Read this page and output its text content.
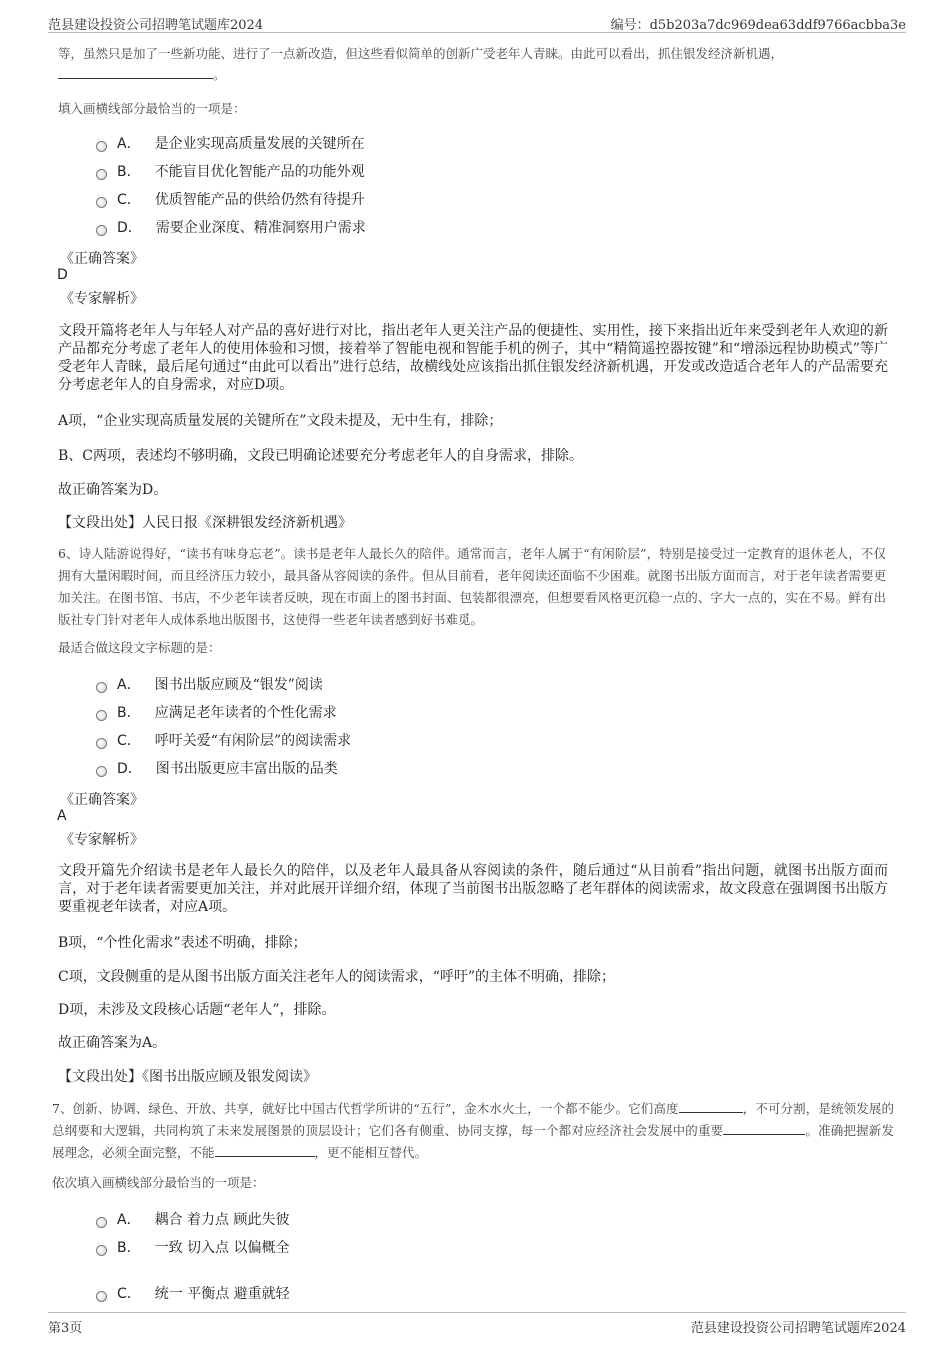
范县建设投资公司招聘笔试题库2024	编号：d5b203a7dc969dea63ddf9766acbba3e
等，虽然只是加了一些新功能、进行了一点新改造，但这些看似简单的创新广受老年人青睐。由此可以看出，抓住银发经济新机遇，
。
填入画横线部分最恰当的一项是：
A． 是企业实现高质量发展的关键所在
B． 不能盲目优化智能产品的功能外观
C． 优质智能产品的供给仍然有待提升
D． 需要企业深度、精准洞察用户需求
《正确答案》
D
《专家解析》
文段开篇将老年人与年轻人对产品的喜好进行对比，指出老年人更关注产品的便捷性、实用性，接下来指出近年来受到老年人欢迎的新产品都充分考虑了老年人的使用体验和习惯，接着举了智能电视和智能手机的例子，其中“精简遥控器按键”和“增添远程协助模式”等广受老年人青睐，最后尾句通过“由此可以看出”进行总结，故横线处应该指出抓住银发经济新机遇，开发或改造适合老年人的产品需要充分考虑老年人的自身需求，对应D项。
A项，“企业实现高质量发展的关键所在”文段未提及，无中生有，排除；
B、C两项，表述均不够明确，文段已明确论述要充分考虑老年人的自身需求，排除。
故正确答案为D。
【文段出处】人民日报《深耕银发经济新机遇》
6、诗人陆游说得好，“读书有味身忘老”。读书是老年人最长久的陪伴。通常而言，老年人属于“有闲阶层”，特别是接受过一定教育的退休老人，不仅拥有大量闲暇时间，而且经济压力较小，最具备从容阅读的条件。但从目前看，老年阅读还面临不少困难。就图书出版方面而言，对于老年读者需要更加关注。在图书馆、书店，不少老年读者反映，现在市面上的图书封面、包装都很漂亮，但想要看风格更沉稳一点的、字大一点的，实在不易。鲜有出版社专门针对老年人成体系地出版图书，这使得一些老年读者感到好书难觅。
最适合做这段文字标题的是：
A． 图书出版应顾及“银发”阅读
B． 应满足老年读者的个性化需求
C． 呼吁关爱“有闲阶层”的阅读需求
D． 图书出版更应丰富出版的品类
《正确答案》
A
《专家解析》
文段开篇先介绍读书是老年人最长久的陪伴，以及老年人最具备从容阅读的条件，随后通过“从目前看”指出问题，就图书出版方面而言，对于老年读者需要更加关注，并对此展开详细介绍，体现了当前图书出版忽略了老年群体的阅读需求，故文段意在强调图书出版方要重视老年读者，对应A项。
B项，“个性化需求”表述不明确，排除；
C项，文段侧重的是从图书出版方面关注老年人的阅读需求，“呼吁”的主体不明确，排除；
D项，未涉及文段核心话题“老年人”，排除。
故正确答案为A。
【文段出处】《图书出版应顾及银发阅读》
7、创新、协调、绿色、开放、共享，就好比中国古代哲学所讲的“五行”，金木水火土，一个都不能少。它们高度	，不可分割，是统领发展的总纲要和大逻辑，共同构筑了未来发展图景的顶层设计；它们各有侧重、协同支撑，每一个都对应经济社会发展中的重要	。准确把握新发展理念，必须全面完整，不能	，更不能相互替代。
依次填入画横线部分最恰当的一项是：
A． 耦合 着力点 顾此失彼
B． 一致 切入点 以偏概全
C． 统一 平衡点 避重就轻
第3页	范县建设投资公司招聘笔试题库2024
